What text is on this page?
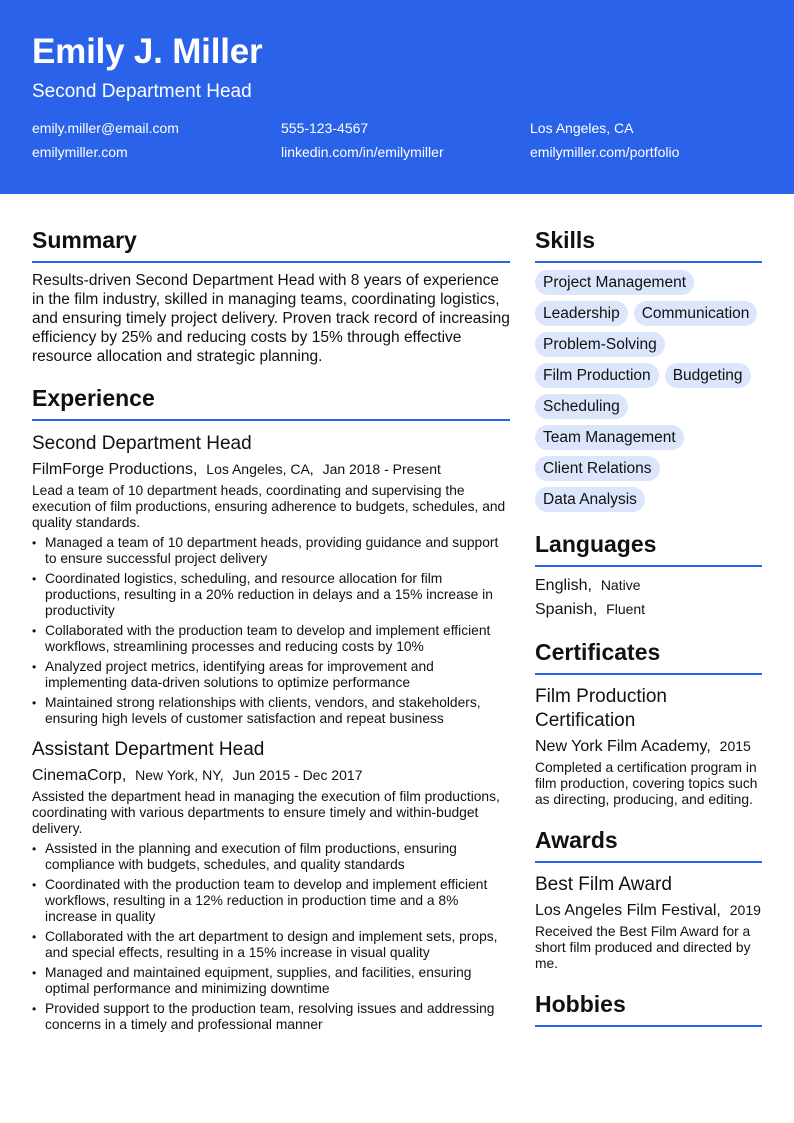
Emily J. Miller
Second Department Head
emily.miller@email.com	555-123-4567	Los Angeles, CA
emilymiller.com	linkedin.com/in/emilymiller	emilymiller.com/portfolio
Summary

Results-driven Second Department Head with 8 years of experience in the film industry, skilled in managing teams, coordinating logistics, and ensuring timely project delivery. Proven track record of increasing efficiency by 25% and reducing costs by 15% through effective resource allocation and strategic planning.

Experience
Second Department Head
FilmForge Productions, Los Angeles, CA, Jan 2018 - Present
Lead a team of 10 department heads, coordinating and supervising the execution of film productions, ensuring adherence to budgets, schedules, and quality standards.
• Managed a team of 10 department heads, providing guidance and support to ensure successful project delivery
• Coordinated logistics, scheduling, and resource allocation for film productions, resulting in a 20% reduction in delays and a 15% increase in productivity
• Collaborated with the production team to develop and implement efficient workflows, streamlining processes and reducing costs by 10%
• Analyzed project metrics, identifying areas for improvement and implementing data-driven solutions to optimize performance
• Maintained strong relationships with clients, vendors, and stakeholders, ensuring high levels of customer satisfaction and repeat business
Assistant Department Head
CinemaCorp, New York, NY, Jun 2015 - Dec 2017
Assisted the department head in managing the execution of film productions, coordinating with various departments to ensure timely and within-budget delivery.
• Assisted in the planning and execution of film productions, ensuring compliance with budgets, schedules, and quality standards
• Coordinated with the production team to develop and implement efficient workflows, resulting in a 12% reduction in production time and a 8% increase in quality
• Collaborated with the art department to design and implement sets, props, and special effects, resulting in a 15% increase in visual quality
• Managed and maintained equipment, supplies, and facilities, ensuring optimal performance and minimizing downtime
• Provided support to the production team, resolving issues and addressing concerns in a timely and professional manner
Skills
Project Management
Leadership	Communication
Problem-Solving
Film Production	Budgeting
Scheduling
Team Management
Client Relations
Data Analysis
Languages
English, Native
Spanish, Fluent
Certificates
Film Production Certification
New York Film Academy, 2015
Completed a certification program in film production, covering topics such as directing, producing, and editing.
Awards
Best Film Award
Los Angeles Film Festival, 2019
Received the Best Film Award for a short film produced and directed by me.
Hobbies
